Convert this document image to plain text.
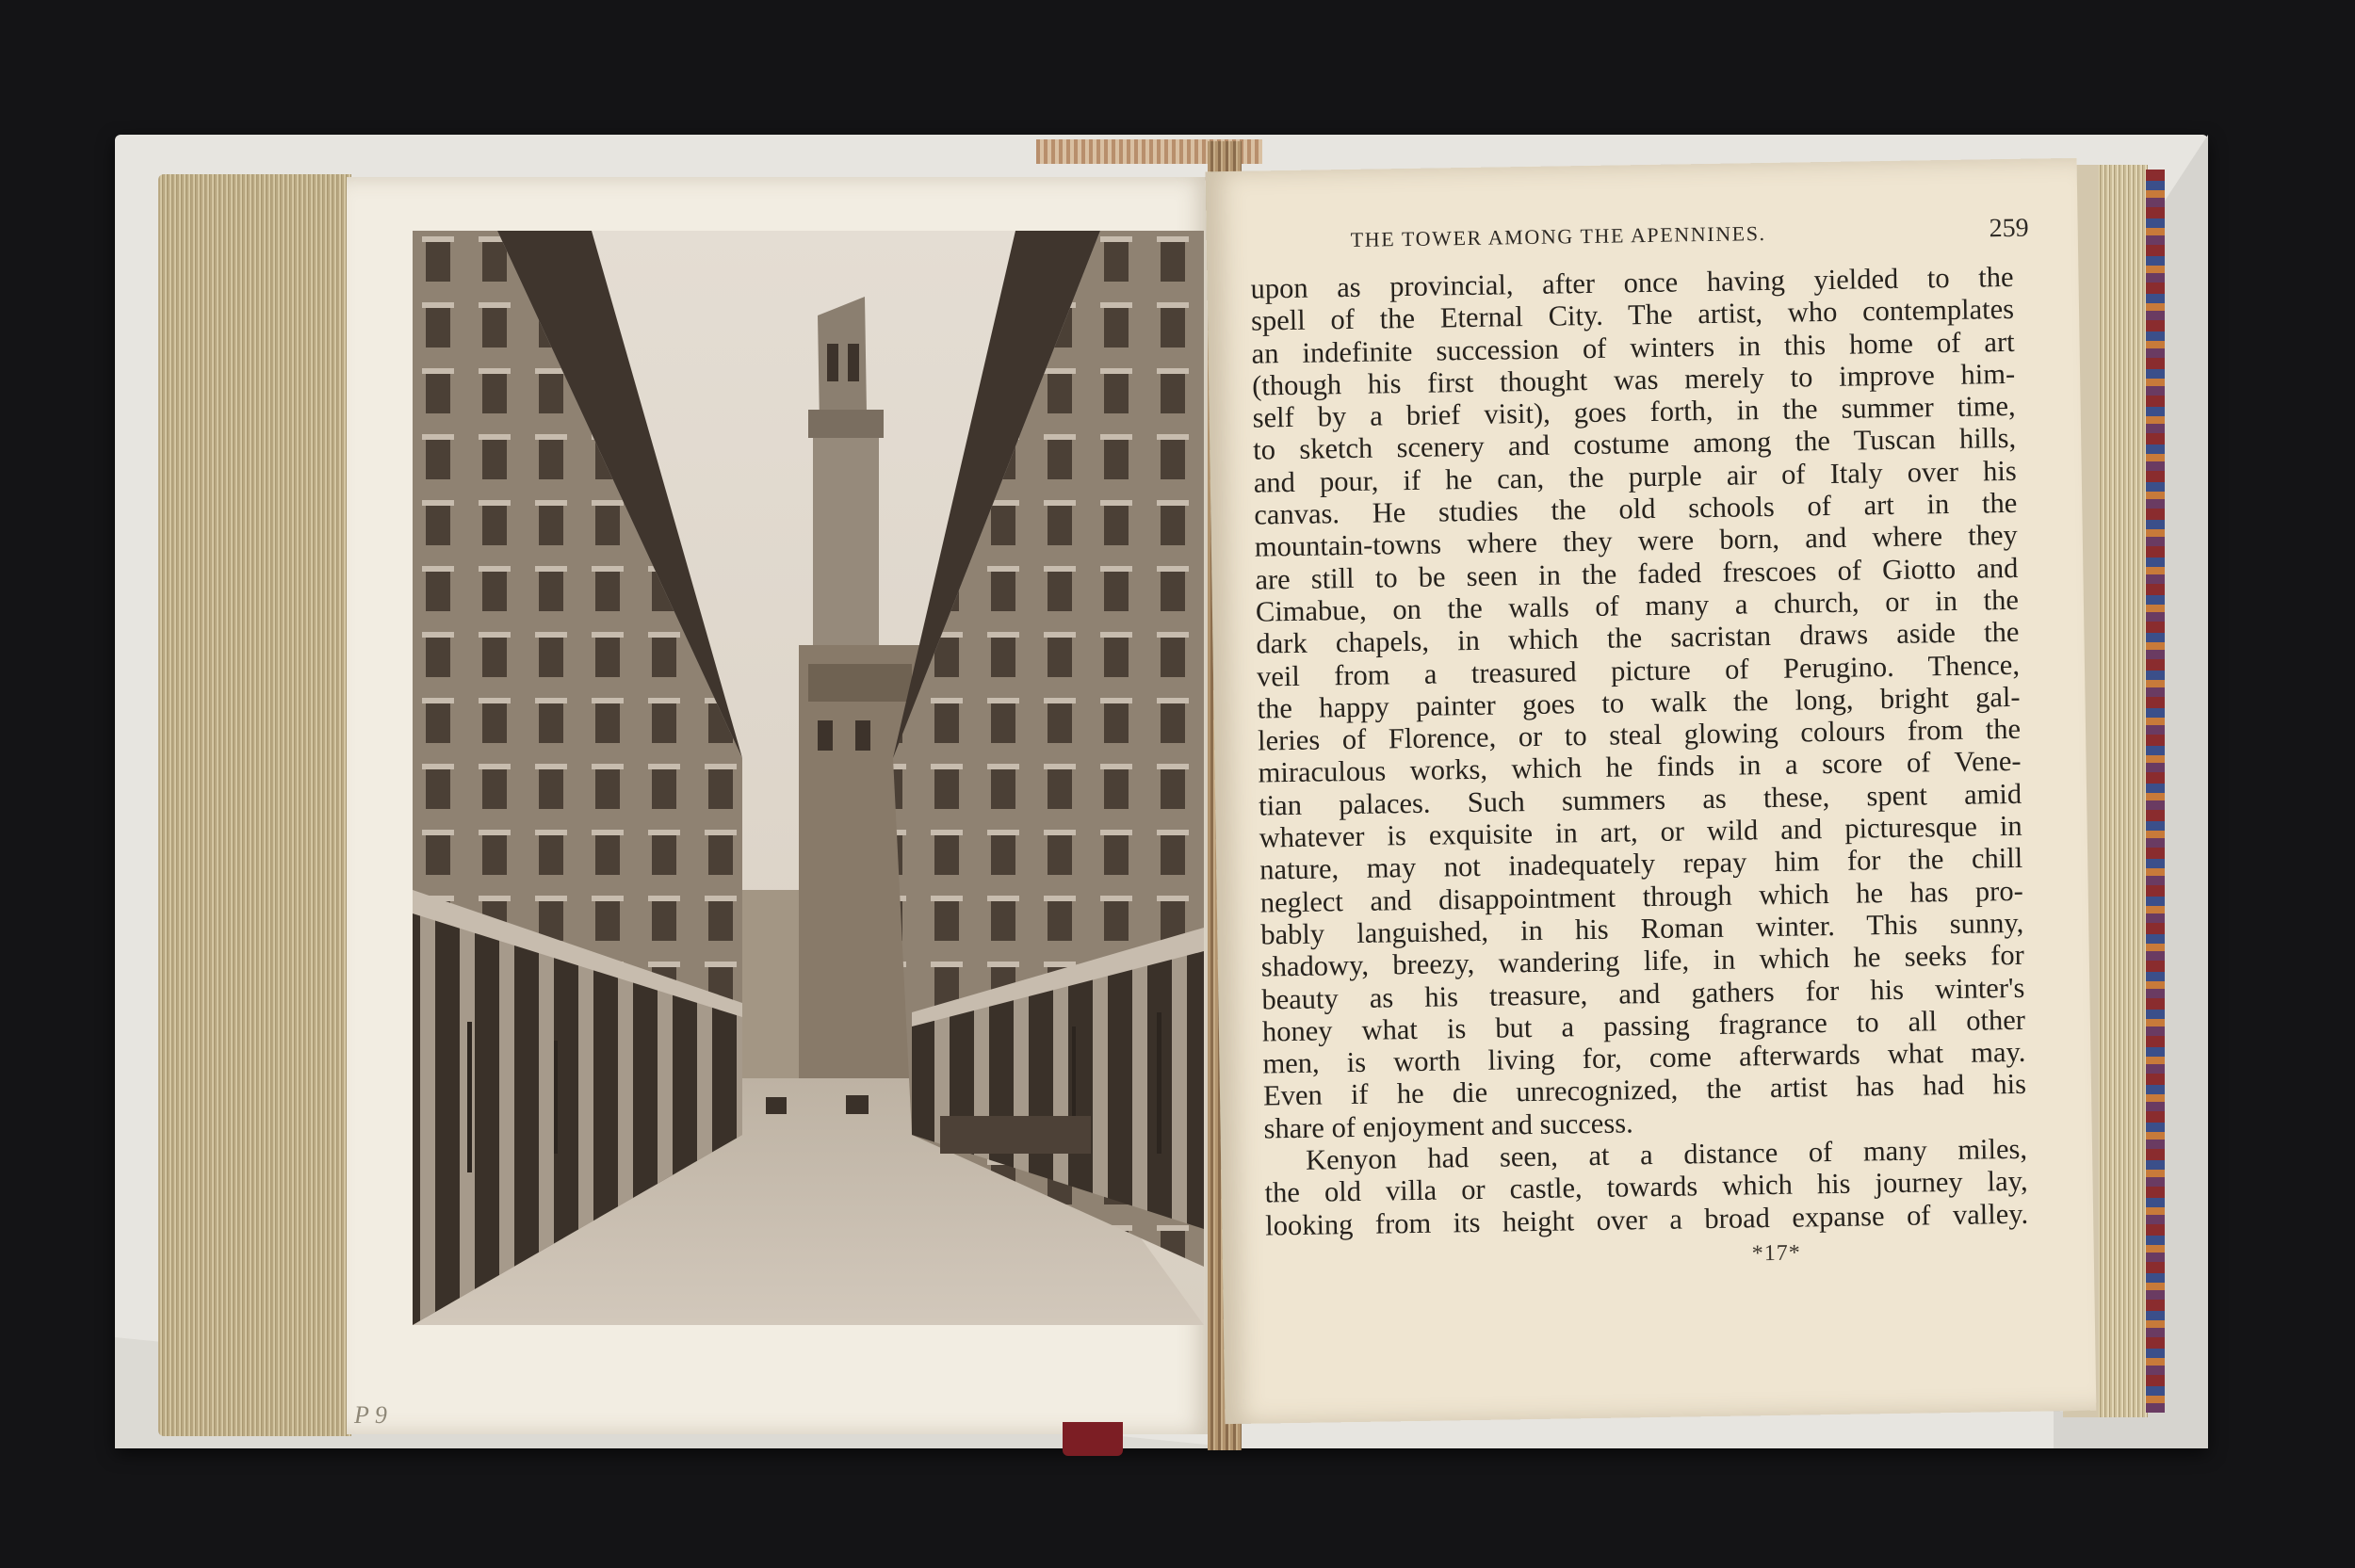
P 9
THE TOWER AMONG THE APENNINES.	259
upon as provincial, after once having yielded to the
spell of the Eternal City. The artist, who contemplates
an indefinite succession of winters in this home of art
(though his first thought was merely to improve him-
self by a brief visit), goes forth, in the summer time,
to sketch scenery and costume among the Tuscan hills,
and pour, if he can, the purple air of Italy over his
canvas. He studies the old schools of art in the
mountain-towns where they were born, and where they
are still to be seen in the faded frescoes of Giotto and
Cimabue, on the walls of many a church, or in the
dark chapels, in which the sacristan draws aside the
veil from a treasured picture of Perugino. Thence,
the happy painter goes to walk the long, bright gal-
leries of Florence, or to steal glowing colours from the
miraculous works, which he finds in a score of Vene-
tian palaces. Such summers as these, spent amid
whatever is exquisite in art, or wild and picturesque in
nature, may not inadequately repay him for the chill
neglect and disappointment through which he has pro-
bably languished, in his Roman winter. This sunny,
shadowy, breezy, wandering life, in which he seeks for
beauty as his treasure, and gathers for his winter's
honey what is but a passing fragrance to all other
men, is worth living for, come afterwards what may.
Even if he die unrecognized, the artist has had his
share of enjoyment and success.
Kenyon had seen, at a distance of many miles,
the old villa or castle, towards which his journey lay,
looking from its height over a broad expanse of valley.
*17*
